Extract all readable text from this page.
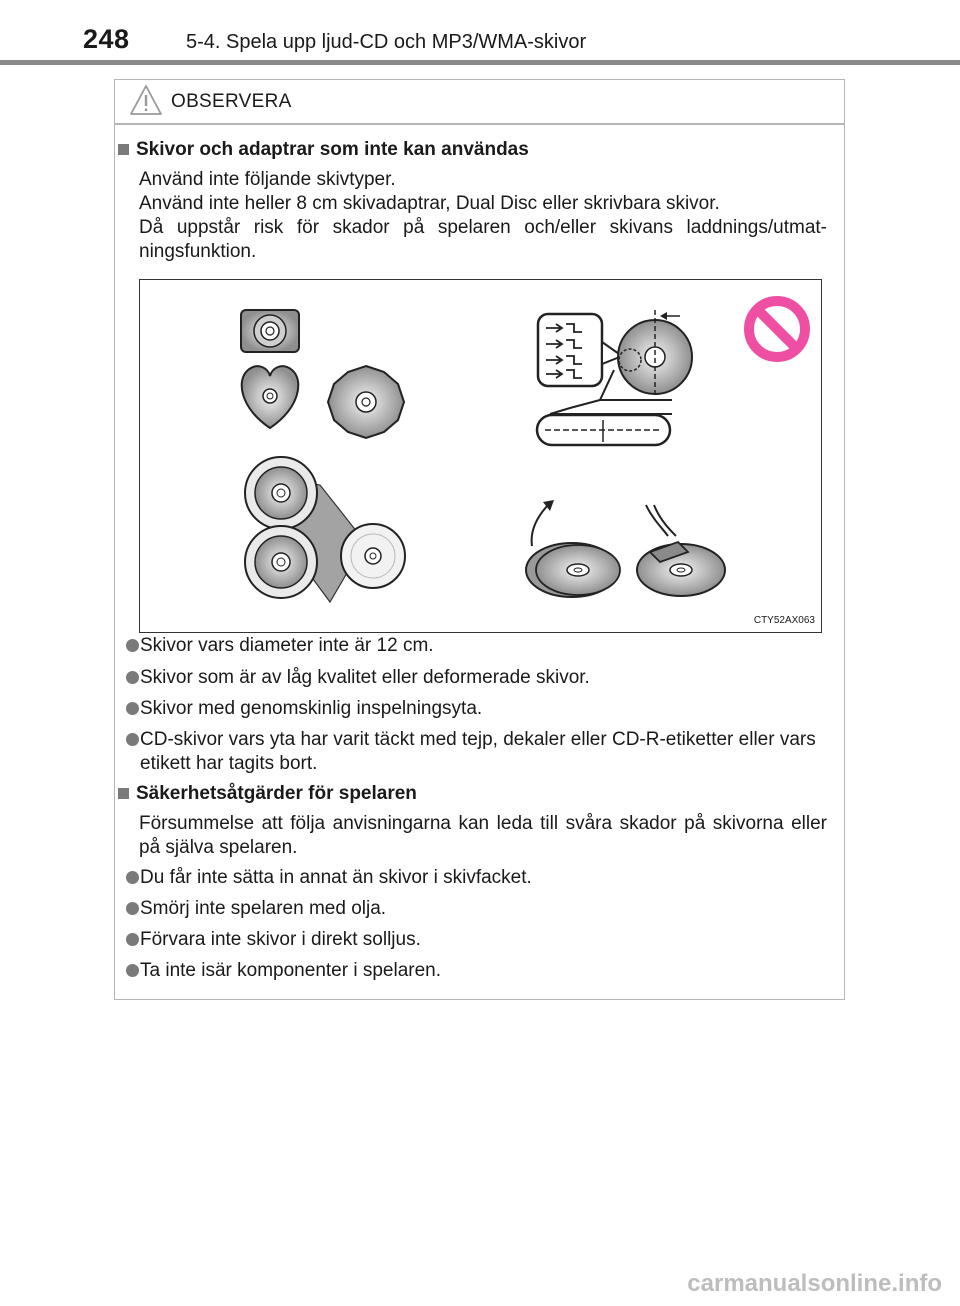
248	5-4. Spela upp ljud-CD och MP3/WMA-skivor
OBSERVERA
Skivor och adaptrar som inte kan användas
Använd inte följande skivtyper.
Använd inte heller 8 cm skivadaptrar, Dual Disc eller skrivbara skivor.
Då uppstår risk för skador på spelaren och/eller skivans laddnings/utmat-ningsfunktion.
CTY52AX063
Skivor vars diameter inte är 12 cm.
Skivor som är av låg kvalitet eller deformerade skivor.
Skivor med genomskinlig inspelningsyta.
CD-skivor vars yta har varit täckt med tejp, dekaler eller CD-R-etiketter eller vars etikett har tagits bort.
Säkerhetsåtgärder för spelaren
Försummelse att följa anvisningarna kan leda till svåra skador på skivorna eller på själva spelaren.
Du får inte sätta in annat än skivor i skivfacket.
Smörj inte spelaren med olja.
Förvara inte skivor i direkt solljus.
Ta inte isär komponenter i spelaren.
carmanualsonline.info
